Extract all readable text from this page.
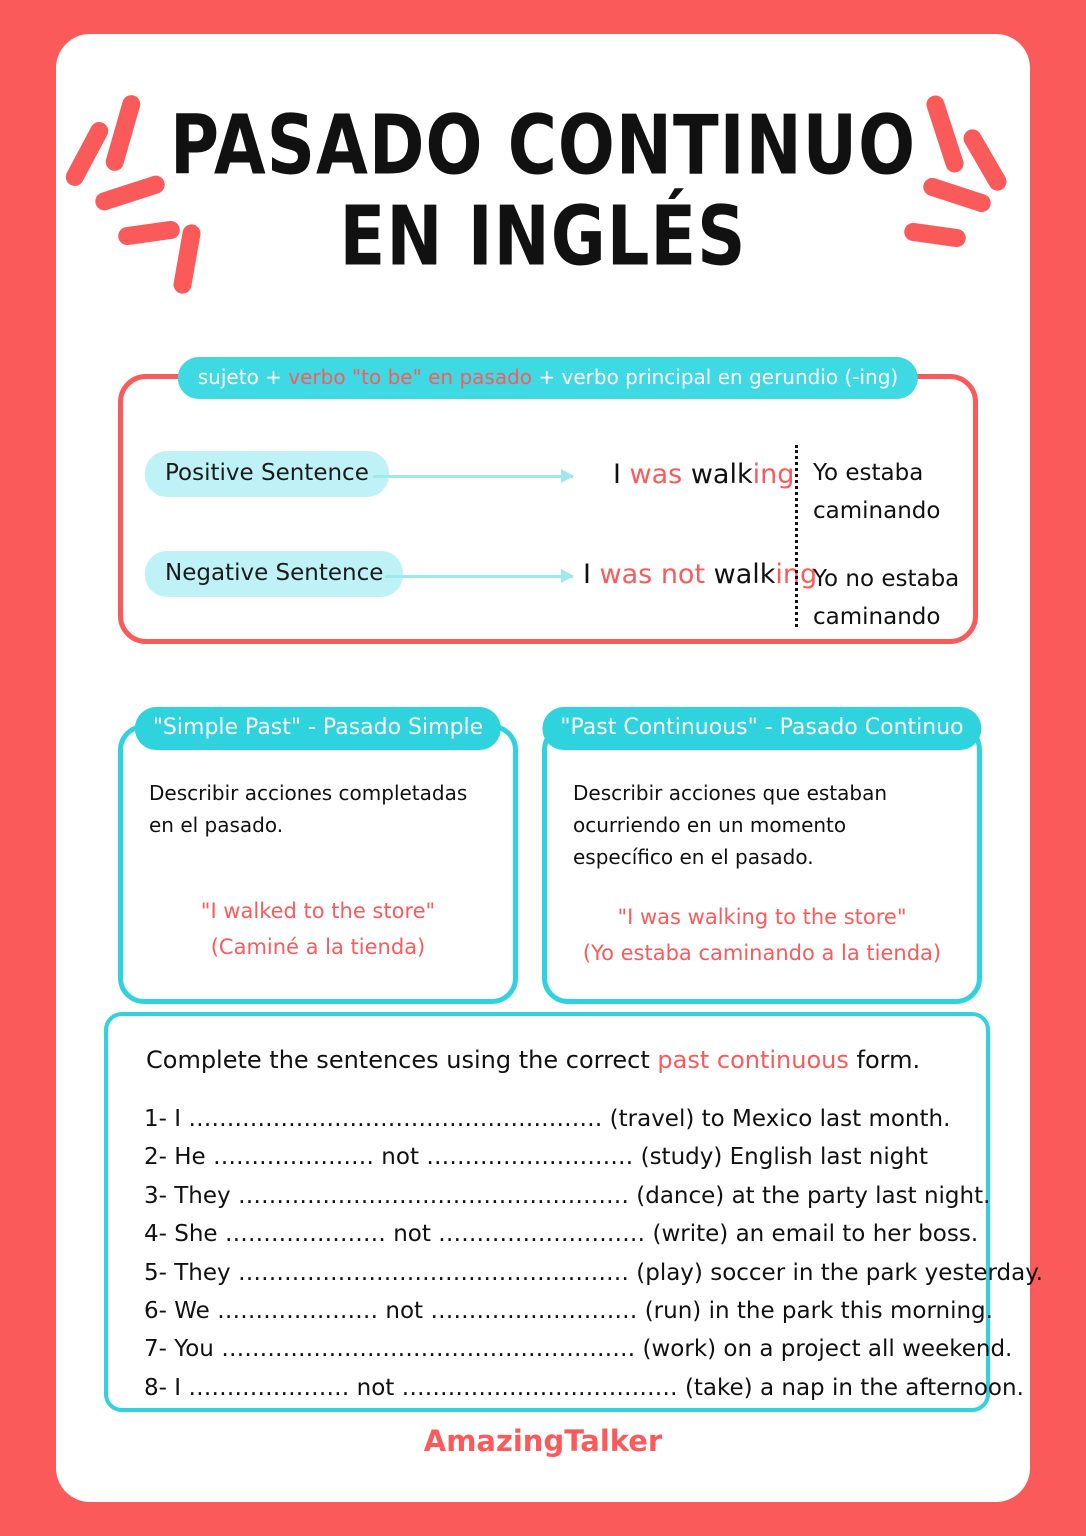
PASADO CONTINUO
EN INGLÉS
sujeto + verbo "to be" en pasado + verbo principal en gerundio (-ing)
Positive Sentence	I was walking Yo estaba caminando
Negative Sentence	I was not walking
Yo no estaba caminando
"Simple Past" - Pasado Simple
Describir acciones completadas en el pasado.
"I walked to the store"
(Caminé a la tienda)
"Past Continuous" - Pasado Continuo
Describir acciones que estaban ocurriendo en un momento específico en el pasado.
"I was walking to the store"
(Yo estaba caminando a la tienda)
Complete the sentences using the correct past continuous form.
1- I ……………………………………………… (travel) to Mexico last month.
2- He ………………… not ……………………… (study) English last night
3- They …………………………………………… (dance) at the party last night.
4- She ………………… not ……………………… (write) an email to her boss.
5- They …………………………………………… (play) soccer in the park yesterday.
6- We ………………… not ……………………… (run) in the park this morning.
7- You ……………………………………………… (work) on a project all weekend.
8- I ………………… not ……………………………… (take) a nap in the afternoon.
AmazingTalker
